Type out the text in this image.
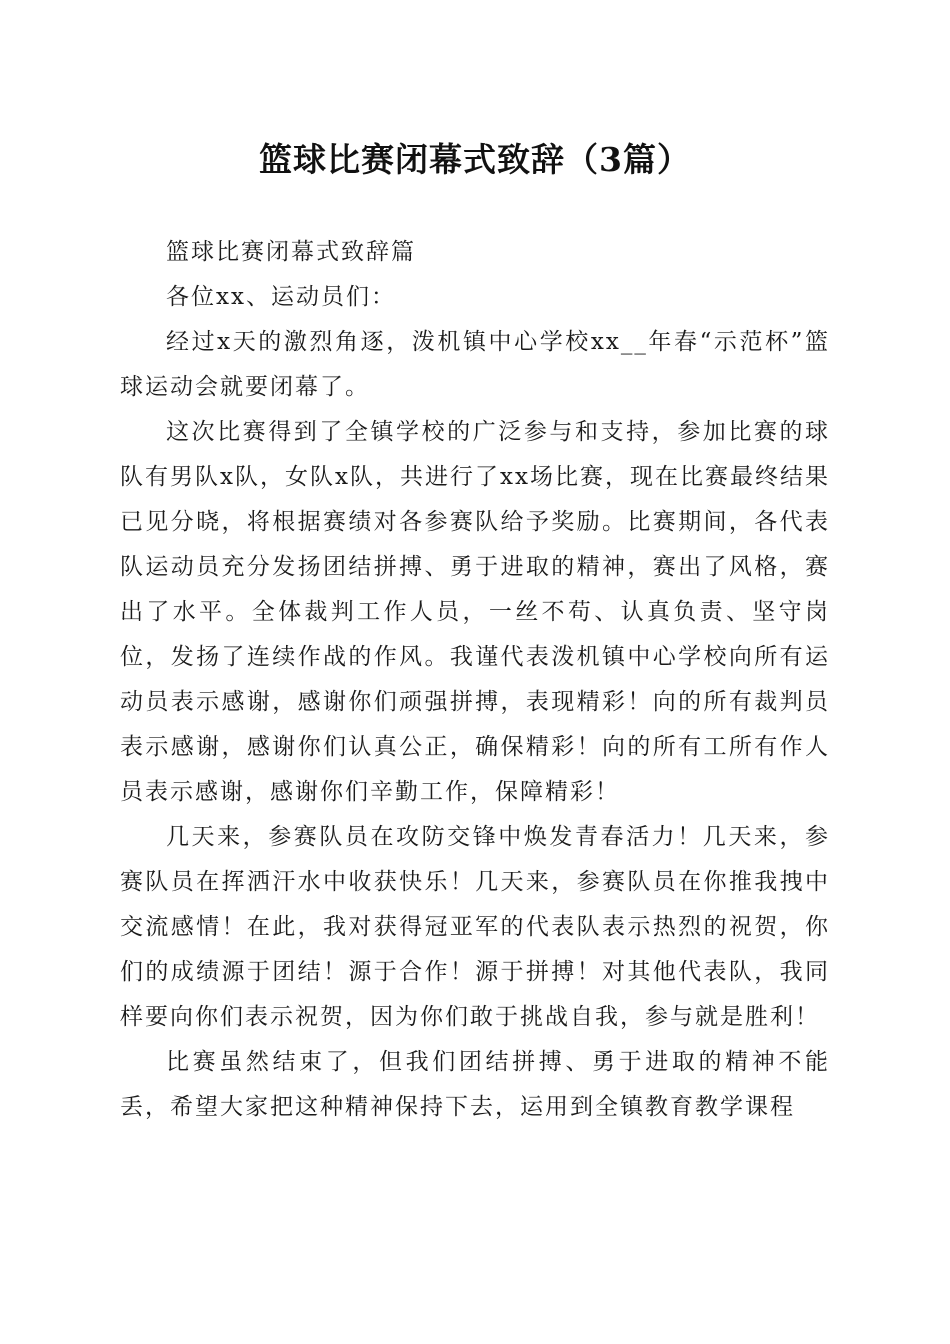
篮球比赛闭幕式致辞（3篇）

篮球比赛闭幕式致辞篇

各位xx、运动员们：

经过x天的激烈角逐，泼机镇中心学校xx__年春“示范杯”篮球运动会就要闭幕了。

这次比赛得到了全镇学校的广泛参与和支持，参加比赛的球队有男队x队，女队x队，共进行了xx场比赛，现在比赛最终结果已见分晓，将根据赛绩对各参赛队给予奖励。比赛期间，各代表队运动员充分发扬团结拼搏、勇于进取的精神，赛出了风格，赛出了水平。全体裁判工作人员，一丝不苟、认真负责、坚守岗位，发扬了连续作战的作风。我谨代表泼机镇中心学校向所有运动员表示感谢，感谢你们顽强拼搏，表现精彩！向的所有裁判员表示感谢，感谢你们认真公正，确保精彩！向的所有工所有作人员表示感谢，感谢你们辛勤工作，保障精彩！

几天来，参赛队员在攻防交锋中焕发青春活力！几天来，参赛队员在挥洒汗水中收获快乐！几天来，参赛队员在你推我拽中交流感情！在此，我对获得冠亚军的代表队表示热烈的祝贺，你们的成绩源于团结！源于合作！源于拼搏！对其他代表队，我同样要向你们表示祝贺，因为你们敢于挑战自我，参与就是胜利！

比赛虽然结束了，但我们团结拼搏、勇于进取的精神不能丢，希望大家把这种精神保持下去，运用到全镇教育教学课程
